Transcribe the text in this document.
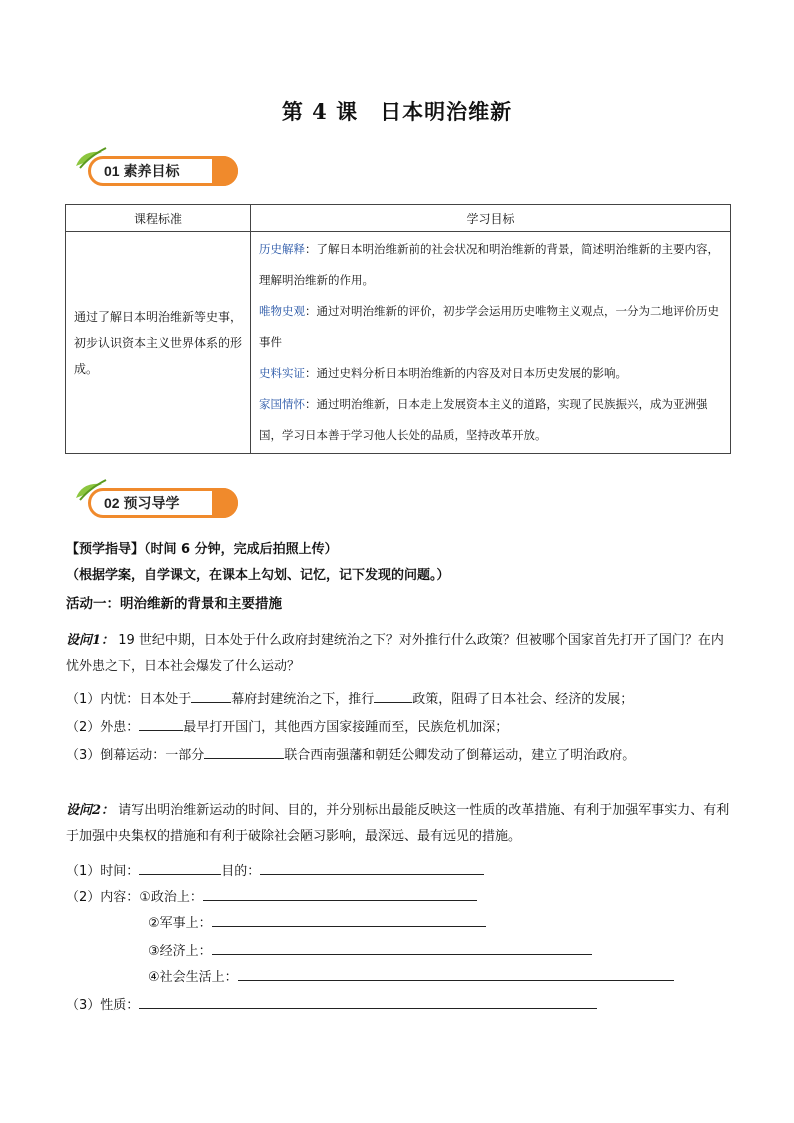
第 4 课 日本明治维新
01 素养目标
课程标准	学习目标
通过了解日本明治维新等史事，初步认识资本主义世界体系的形成。	历史解释：了解日本明治维新前的社会状况和明治维新的背景，简述明治维新的主要内容，理解明治维新的作用。
唯物史观：通过对明治维新的评价，初步学会运用历史唯物主义观点，一分为二地评价历史事件
史料实证：通过史料分析日本明治维新的内容及对日本历史发展的影响。
家国情怀：通过明治维新，日本走上发展资本主义的道路，实现了民族振兴，成为亚洲强国，学习日本善于学习他人长处的品质，坚持改革开放。
02 预习导学
【预学指导】（时间 6 分钟，完成后拍照上传）
（根据学案，自学课文，在课本上勾划、记忆，记下发现的问题。）
活动一：明治维新的背景和主要措施
设问1： 19 世纪中期，日本处于什么政府封建统治之下？对外推行什么政策？但被哪个国家首先打开了国门？在内忧外患之下，日本社会爆发了什么运动？
（1）内忧：日本处于	幕府封建统治之下，推行	政策，阻碍了日本社会、经济的发展；
（2）外患：	最早打开国门，其他西方国家接踵而至，民族危机加深；
（3）倒幕运动：一部分	联合西南强藩和朝廷公卿发动了倒幕运动，建立了明治政府。
设问2： 请写出明治维新运动的时间、目的，并分别标出最能反映这一性质的改革措施、有利于加强军事实力、有利于加强中央集权的措施和有利于破除社会陋习影响，最深远、最有远见的措施。
（1）时间：	目的：
（2）内容：①政治上：
②军事上：
③经济上：
④社会生活上：
（3）性质：
